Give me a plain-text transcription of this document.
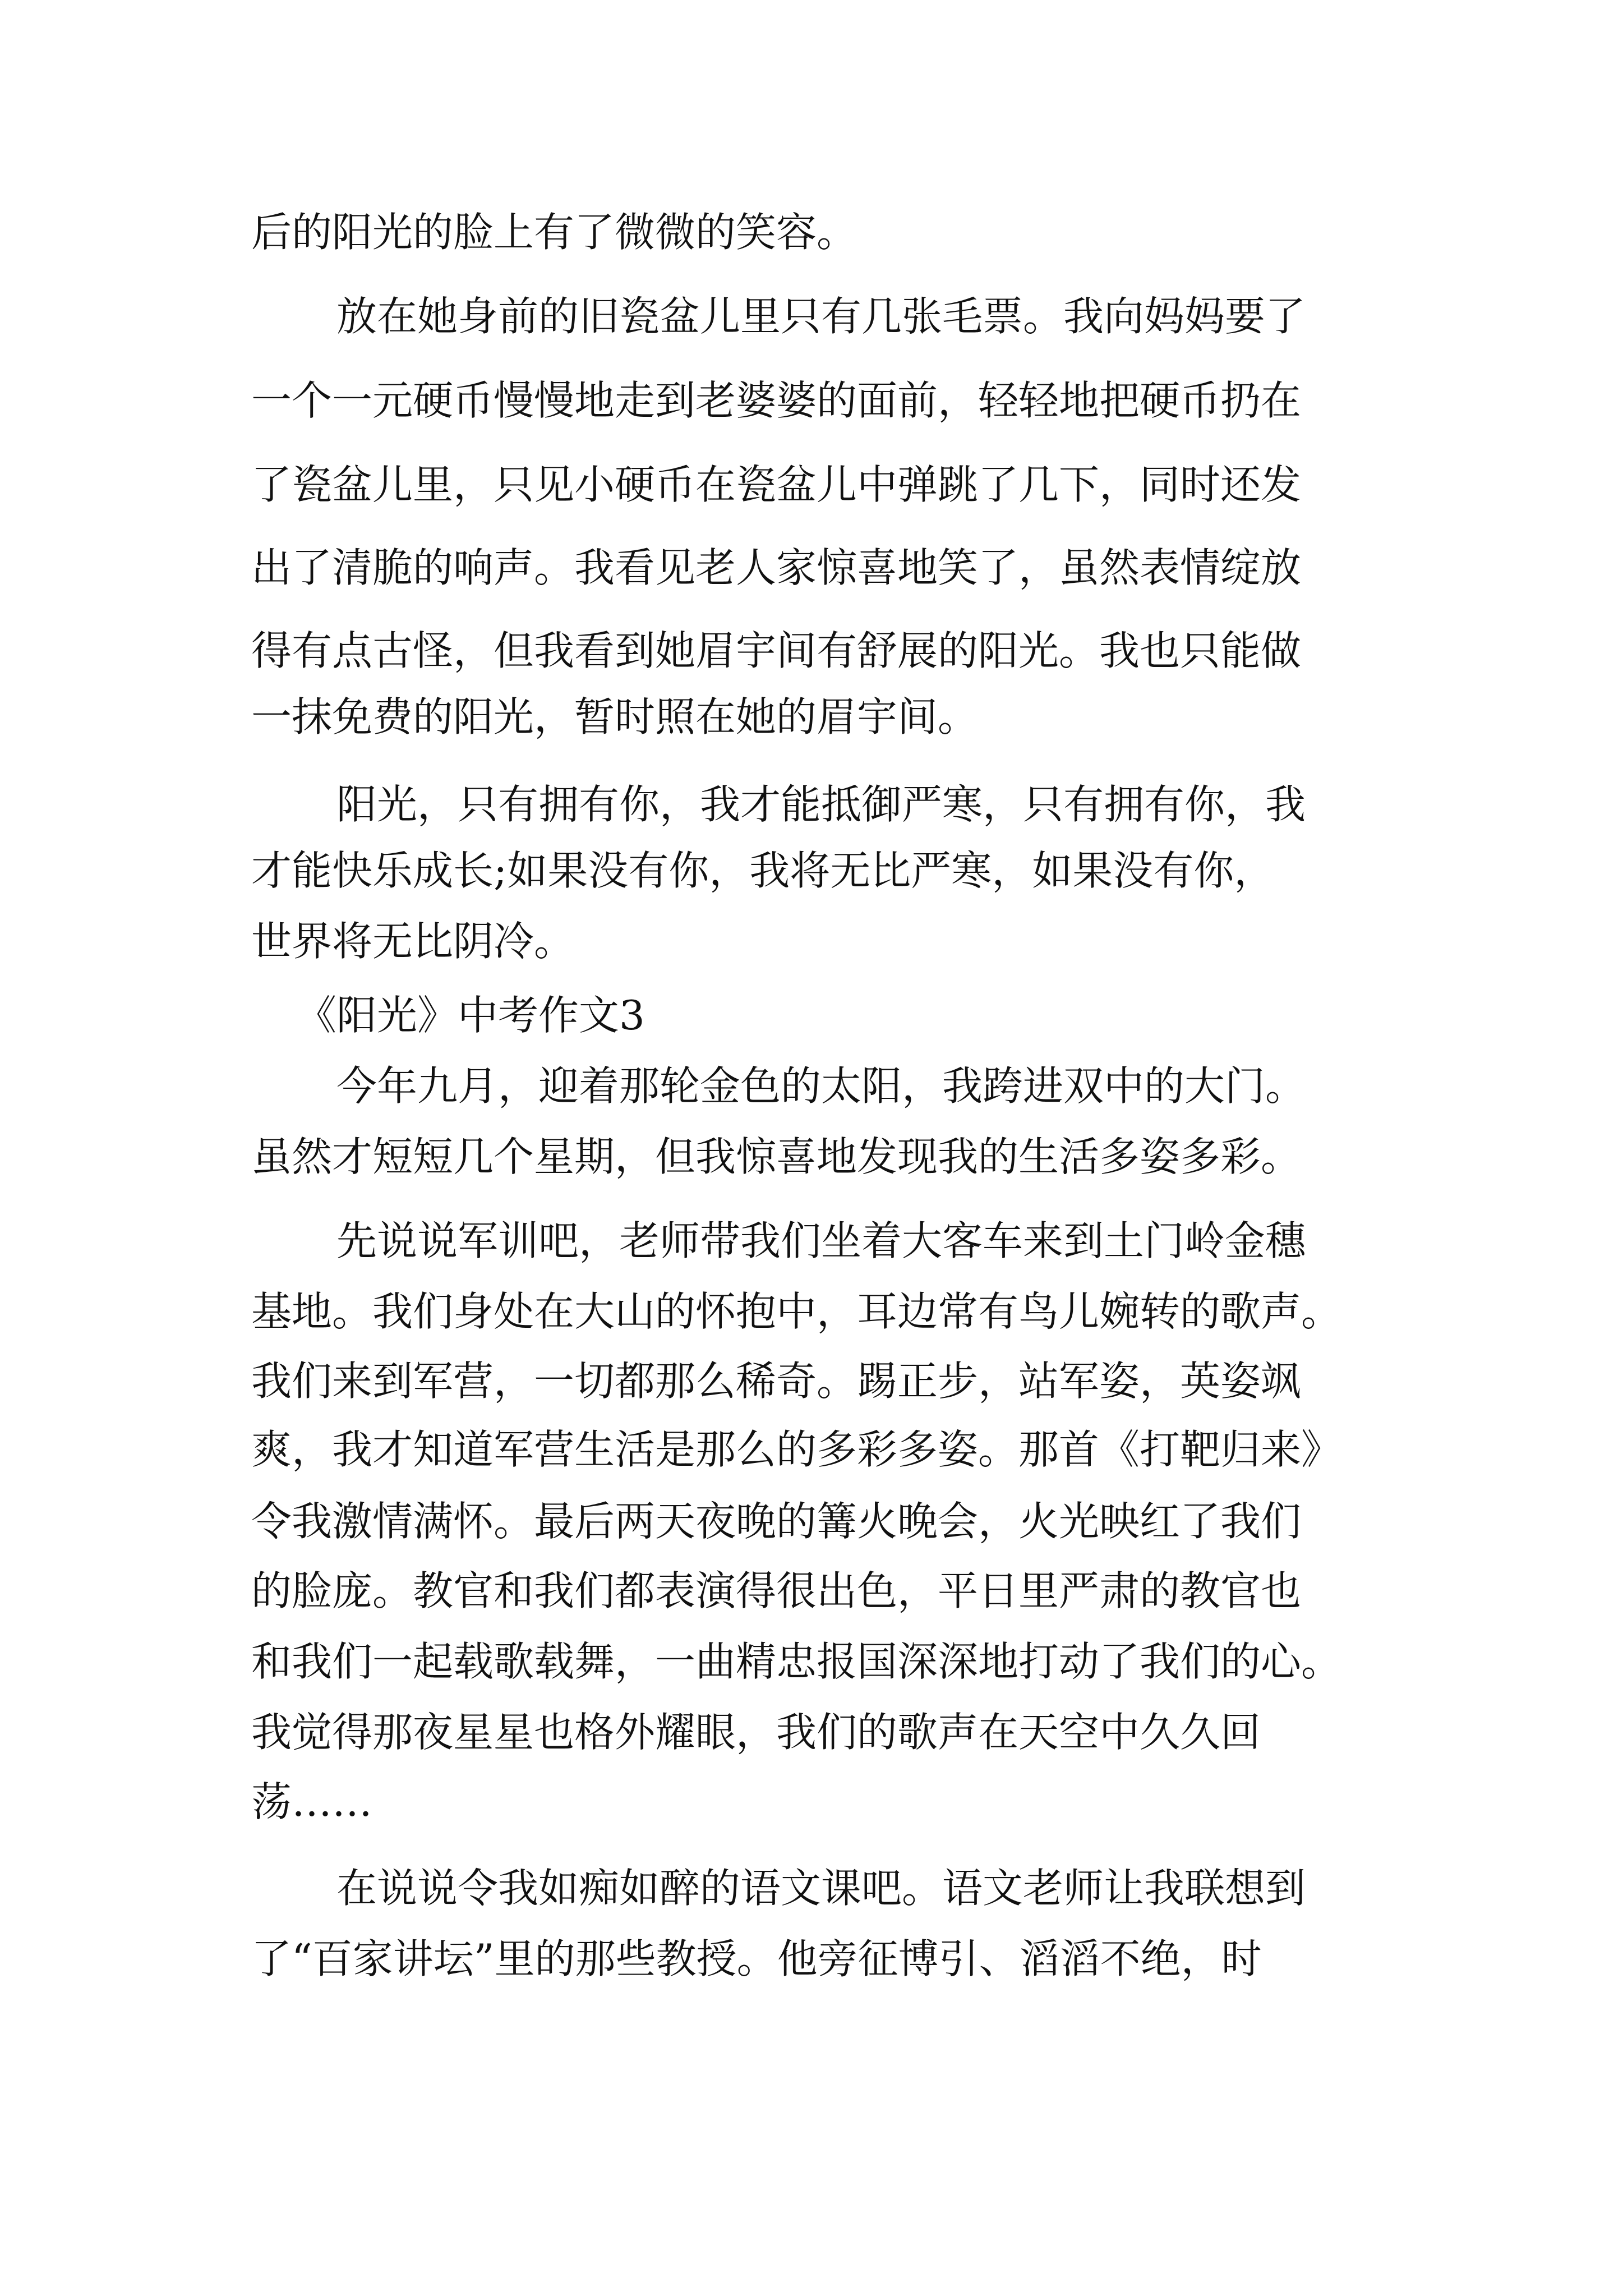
后的阳光的脸上有了微微的笑容。
放在她身前的旧瓷盆儿里只有几张毛票。我向妈妈要了
一个一元硬币慢慢地走到老婆婆的面前，轻轻地把硬币扔在
了瓷盆儿里，只见小硬币在瓷盆儿中弹跳了几下，同时还发
出了清脆的响声。我看见老人家惊喜地笑了，虽然表情绽放
得有点古怪，但我看到她眉宇间有舒展的阳光。我也只能做
一抹免费的阳光，暂时照在她的眉宇间。
阳光，只有拥有你，我才能抵御严寒，只有拥有你，我
才能快乐成长;如果没有你，我将无比严寒，如果没有你，
世界将无比阴冷。
《阳光》中考作文3
今年九月，迎着那轮金色的太阳，我跨进双中的大门。
虽然才短短几个星期，但我惊喜地发现我的生活多姿多彩。
先说说军训吧，老师带我们坐着大客车来到土门岭金穗
基地。我们身处在大山的怀抱中，耳边常有鸟儿婉转的歌声。
我们来到军营，一切都那么稀奇。踢正步，站军姿，英姿飒
爽，我才知道军营生活是那么的多彩多姿。那首《打靶归来》
令我激情满怀。最后两天夜晚的篝火晚会，火光映红了我们
的脸庞。教官和我们都表演得很出色，平日里严肃的教官也
和我们一起载歌载舞，一曲精忠报国深深地打动了我们的心。
我觉得那夜星星也格外耀眼，我们的歌声在天空中久久回
荡……
在说说令我如痴如醉的语文课吧。语文老师让我联想到
了“百家讲坛”里的那些教授。他旁征博引、滔滔不绝，时
